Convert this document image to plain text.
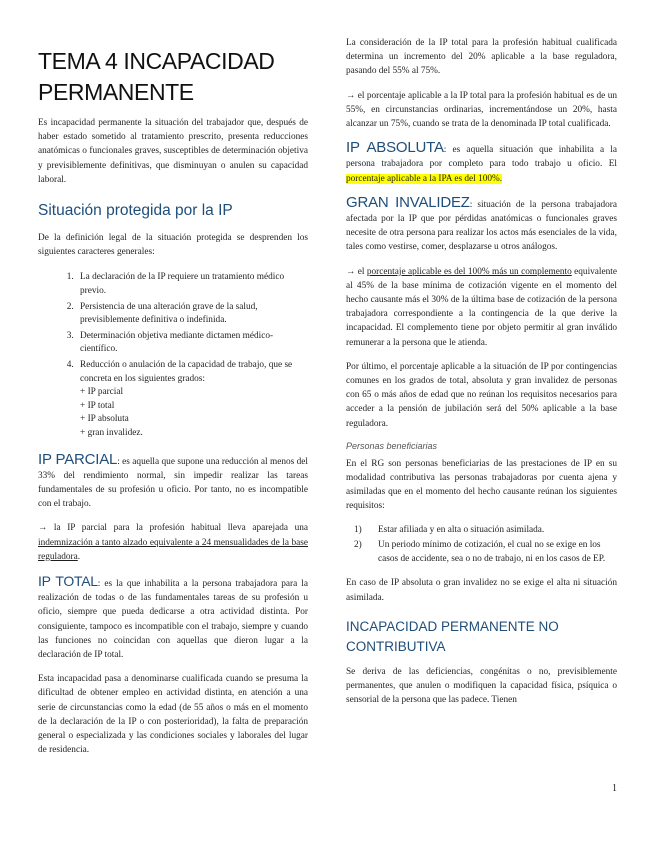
TEMA 4 INCAPACIDAD PERMANENTE

Es incapacidad permanente la situación del trabajador que, después de haber estado sometido al tratamiento prescrito, presenta reducciones anatómicas o funcionales graves, susceptibles de determinación objetiva y previsiblemente definitivas, que disminuyan o anulen su capacidad laboral.

Situación protegida por la IP

De la definición legal de la situación protegida se desprenden los siguientes caracteres generales:

1. La declaración de la IP requiere un tratamiento médico previo.
2. Persistencia de una alteración grave de la salud, previsiblemente definitiva o indefinida.
3. Determinación objetiva mediante dictamen médico-científico.
4. Reducción o anulación de la capacidad de trabajo, que se concreta en los siguientes grados:
+ IP parcial
+ IP total
+ IP absoluta
+ gran invalidez.

IP PARCIAL: es aquella que supone una reducción al menos del 33% del rendimiento normal, sin impedir realizar las tareas fundamentales de su profesión u oficio. Por tanto, no es incompatible con el trabajo.

→ la IP parcial para la profesión habitual lleva aparejada una indemnización a tanto alzado equivalente a 24 mensualidades de la base reguladora.

IP TOTAL: es la que inhabilita a la persona trabajadora para la realización de todas o de las fundamentales tareas de su profesión u oficio, siempre que pueda dedicarse a otra actividad distinta. Por consiguiente, tampoco es incompatible con el trabajo, siempre y cuando las funciones no coincidan con aquellas que dieron lugar a la declaración de IP total.

Esta incapacidad pasa a denominarse cualificada cuando se presuma la dificultad de obtener empleo en actividad distinta, en atención a una serie de circunstancias como la edad (de 55 años o más en el momento de la declaración de la IP o con posterioridad), la falta de preparación general o especializada y las condiciones sociales y laborales del lugar de residencia.

La consideración de la IP total para la profesión habitual cualificada determina un incremento del 20% aplicable a la base reguladora, pasando del 55% al 75%.

→ el porcentaje aplicable a la IP total para la profesión habitual es de un 55%, en circunstancias ordinarias, incrementándose un 20%, hasta alcanzar un 75%, cuando se trata de la denominada IP total cualificada.

IP ABSOLUTA: es aquella situación que inhabilita a la persona trabajadora por completo para todo trabajo u oficio. El porcentaje aplicable a la IPA es del 100%.

GRAN INVALIDEZ: situación de la persona trabajadora afectada por la IP que por pérdidas anatómicas o funcionales graves necesite de otra persona para realizar los actos más esenciales de la vida, tales como vestirse, comer, desplazarse u otros análogos.

→ el porcentaje aplicable es del 100% más un complemento equivalente al 45% de la base mínima de cotización vigente en el momento del hecho causante más el 30% de la última base de cotización de la persona trabajadora correspondiente a la contingencia de la que derive la incapacidad. El complemento tiene por objeto permitir al gran inválido remunerar a la persona que le atienda.

Por último, el porcentaje aplicable a la situación de IP por contingencias comunes en los grados de total, absoluta y gran invalidez de personas con 65 o más años de edad que no reúnan los requisitos necesarios para acceder a la pensión de jubilación será del 50% aplicable a la base reguladora.

Personas beneficiarias

En el RG son personas beneficiarias de las prestaciones de IP en su modalidad contributiva las personas trabajadoras por cuenta ajena y asimiladas que en el momento del hecho causante reúnan los siguientes requisitos:

1) Estar afiliada y en alta o situación asimilada.
2) Un periodo mínimo de cotización, el cual no se exige en los casos de accidente, sea o no de trabajo, ni en los casos de EP.

En caso de IP absoluta o gran invalidez no se exige el alta ni situación asimilada.

INCAPACIDAD PERMANENTE NO CONTRIBUTIVA

Se deriva de las deficiencias, congénitas o no, previsiblemente permanentes, que anulen o modifiquen la capacidad física, psíquica o sensorial de la persona que las padece. Tienen

1
